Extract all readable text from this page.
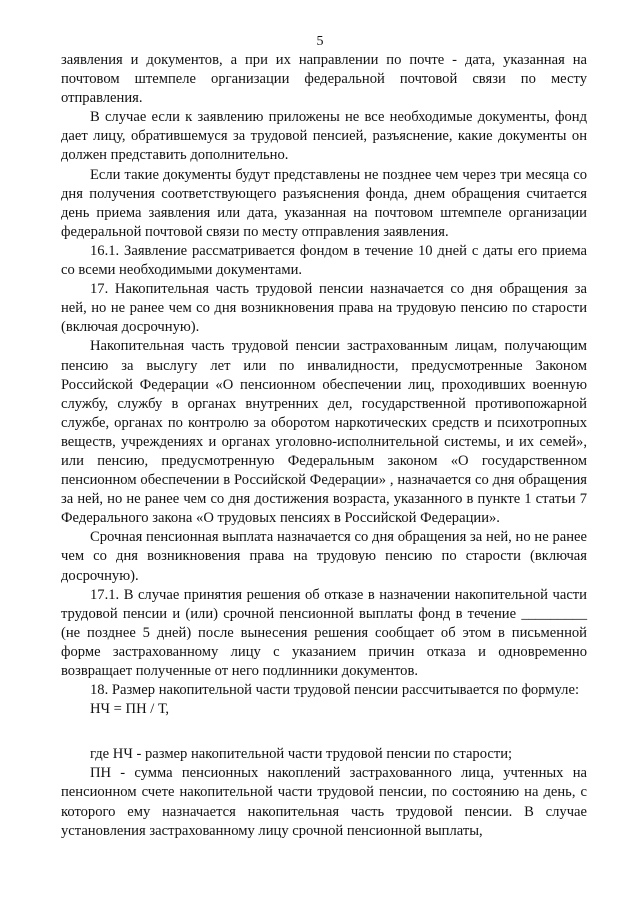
5

заявления и документов, а при их направлении по почте - дата, указанная на почтовом штемпеле организации федеральной почтовой связи по месту отправления.

В случае если к заявлению приложены не все необходимые документы, фонд дает лицу, обратившемуся за трудовой пенсией, разъяснение, какие документы он должен представить дополнительно.

Если такие документы будут представлены не позднее чем через три месяца со дня получения соответствующего разъяснения фонда, днем обращения считается день приема заявления или дата, указанная на почтовом штемпеле организации федеральной почтовой связи по месту отправления заявления.

16.1. Заявление рассматривается фондом в течение 10 дней с даты его приема со всеми необходимыми документами.

17. Накопительная часть трудовой пенсии назначается со дня обращения за ней, но не ранее чем со дня возникновения права на трудовую пенсию по старости (включая досрочную).

Накопительная часть трудовой пенсии застрахованным лицам, получающим пенсию за выслугу лет или по инвалидности, предусмотренные Законом Российской Федерации «О пенсионном обеспечении лиц, проходивших военную службу, службу в органах внутренних дел, государственной противопожарной службе, органах по контролю за оборотом наркотических средств и психотропных веществ, учреждениях и органах уголовно-исполнительной системы, и их семей», или пенсию, предусмотренную Федеральным законом «О государственном пенсионном обеспечении в Российской Федерации» , назначается со дня обращения за ней, но не ранее чем со дня достижения возраста, указанного в пункте 1 статьи 7 Федерального закона «О трудовых пенсиях в Российской Федерации».

Срочная пенсионная выплата назначается со дня обращения за ней, но не ранее чем со дня возникновения права на трудовую пенсию по старости (включая досрочную).

17.1. В случае принятия решения об отказе в назначении накопительной части трудовой пенсии и (или) срочной пенсионной выплаты фонд в течение _________ (не позднее 5 дней) после вынесения решения сообщает об этом в письменной форме застрахованному лицу с указанием причин отказа и одновременно возвращает полученные от него подлинники документов.

18. Размер накопительной части трудовой пенсии рассчитывается по формуле:

НЧ = ПН / Т,

где НЧ - размер накопительной части трудовой пенсии по старости;

ПН - сумма пенсионных накоплений застрахованного лица, учтенных на пенсионном счете накопительной части трудовой пенсии, по состоянию на день, с которого ему назначается накопительная часть трудовой пенсии. В случае установления застрахованному лицу срочной пенсионной выплаты,
